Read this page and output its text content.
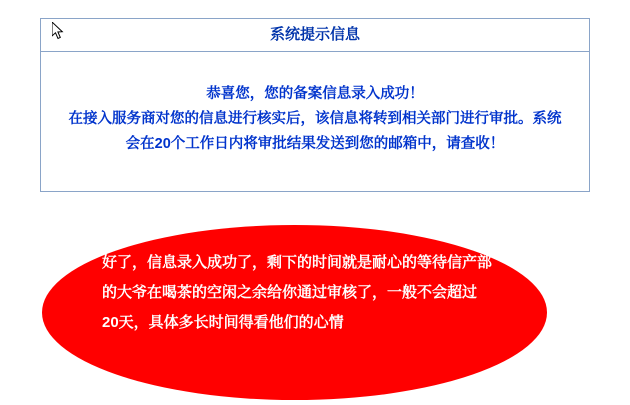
系统提示信息
恭喜您，您的备案信息录入成功！
在接入服务商对您的信息进行核实后，该信息将转到相关部门进行审批。系统会在20个工作日内将审批结果发送到您的邮箱中，请查收！
好了，信息录入成功了，剩下的时间就是耐心的等待信产部的大爷在喝茶的空闲之余给你通过审核了，一般不会超过20天，具体多长时间得看他们的心情
